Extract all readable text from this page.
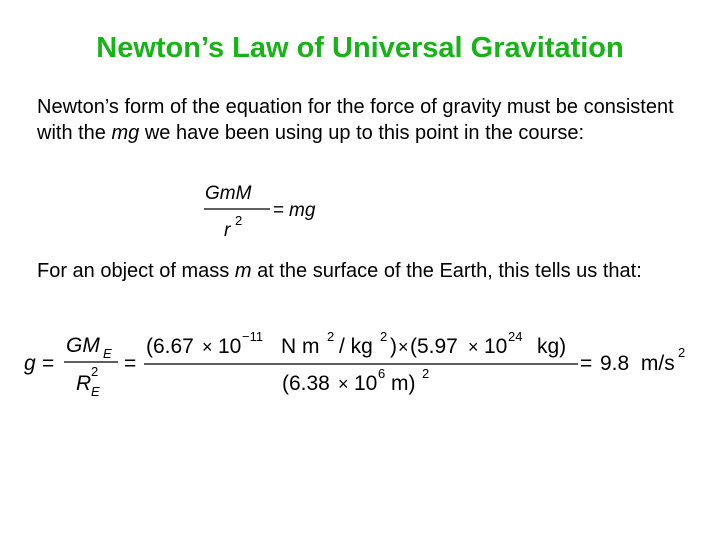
Newton’s Law of Universal Gravitation

Newton’s form of the equation for the force of gravity must be consistent with the mg we have been using up to this point in the course:

GmM
r 2 = mg

For an object of mass m at the surface of the Earth, this tells us that:

g =
GM E
R
2
E
=
(6.67 × 10 −11 N m 2 / kg 2 ) × (5.97 × 10 24 kg)
(6.38 × 10 6 m) 2	= 9.8  m/s 2
